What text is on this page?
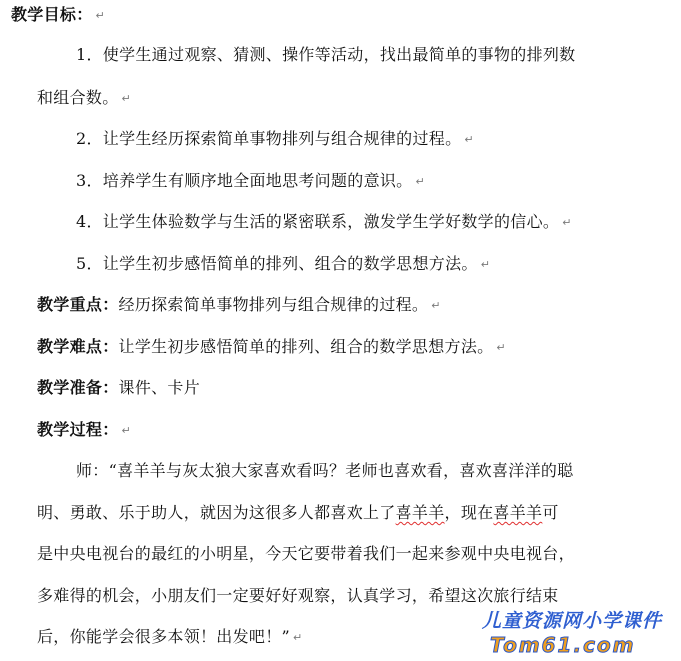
教学目标： ↵
1．使学生通过观察、猜测、操作等活动，找出最简单的事物的排列数
和组合数。 ↵
2．让学生经历探索简单事物排列与组合规律的过程。 ↵
3．培养学生有顺序地全面地思考问题的意识。 ↵
4．让学生体验数学与生活的紧密联系，激发学生学好数学的信心。 ↵
5．让学生初步感悟简单的排列、组合的数学思想方法。 ↵
教学重点：经历探索简单事物排列与组合规律的过程。 ↵
教学难点：让学生初步感悟简单的排列、组合的数学思想方法。 ↵
教学准备：课件、卡片
教学过程： ↵
师：“喜羊羊与灰太狼大家喜欢看吗？老师也喜欢看，喜欢喜洋洋的聪
明、勇敢、乐于助人，就因为这很多人都喜欢上了喜羊羊，现在喜羊羊可
是中央电视台的最红的小明星，今天它要带着我们一起来参观中央电视台，
多难得的机会，小朋友们一定要好好观察，认真学习，希望这次旅行结束
后，你能学会很多本领！出发吧！” ↵
儿童资源网小学课件
Tom61.com
